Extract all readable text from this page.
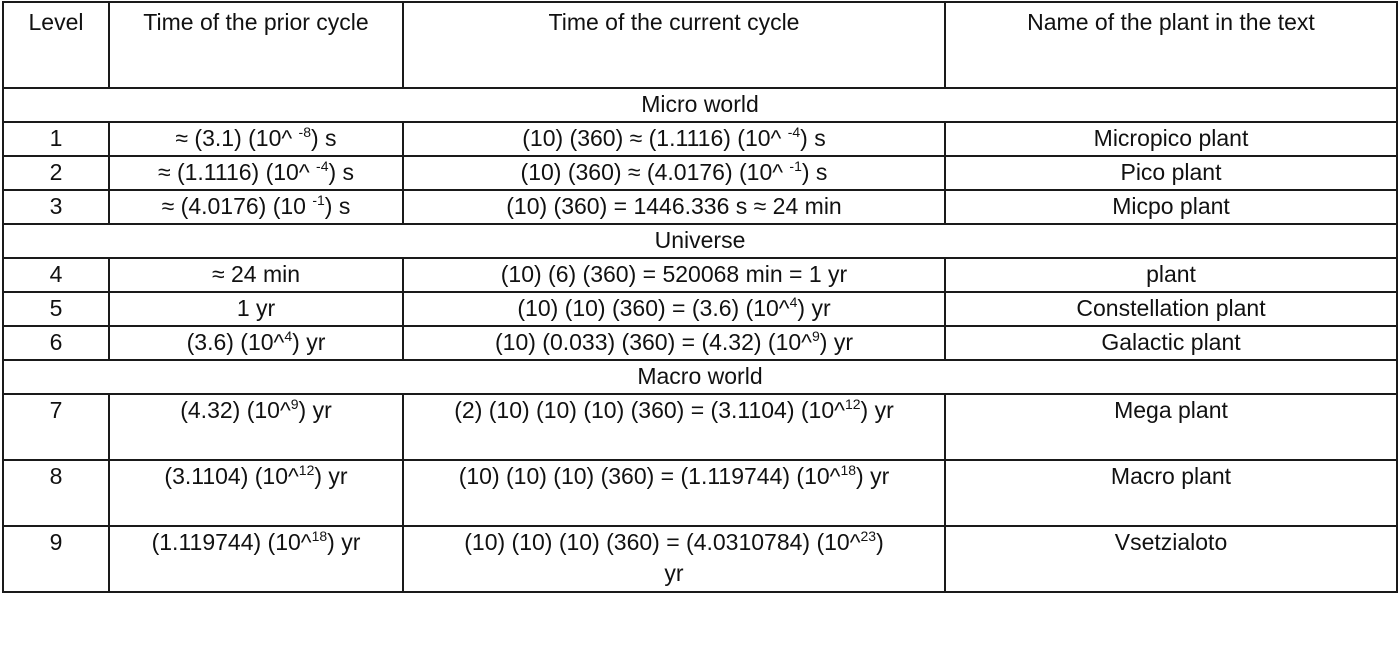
Level	Time of the prior cycle	Time of the current cycle	Name of the plant in the text
Micro world			
1	≈ (3.1) (10^ $^{-8}$) s	(10) (360) ≈ (1.1116) (10^ $^{-4}$) s	Micropico plant
2	≈ (1.1116) (10^ $^{-4}$) s	(10) (360) ≈ (4.0176) (10^ $^{-1}$) s	Pico plant
3	≈ (4.0176) (10 $^{-1}$) s	(10) (360) = 1446.336 s ≈ 24 min	Micpo plant
Universe			
4	≈ 24 min	(10) (6) (360) = 520068 min = 1 yr	plant
5	1 yr	(10) (10) (360) = (3.6) (10^$^4$) yr	Constellation plant
6	(3.6) (10^$^4$) yr	(10) (0.033) (360) = (4.32) (10^$^9$) yr	Galactic plant
Macro world			
7	(4.32) (10^$^9$) yr	(2) (10) (10) (10) (360) = (3.1104) (10^$^{12}$) yr	Mega plant
8	(3.1104) (10^$^{12}$) yr	(10) (10) (10) (360) = (1.119744) (10^$^{18}$) yr	Macro plant
9	(1.119744) (10^$^{18}$) yr	(10) (10) (10) (360) = (4.0310784) (10^$^{23}$) yr	Vsetzialoto
